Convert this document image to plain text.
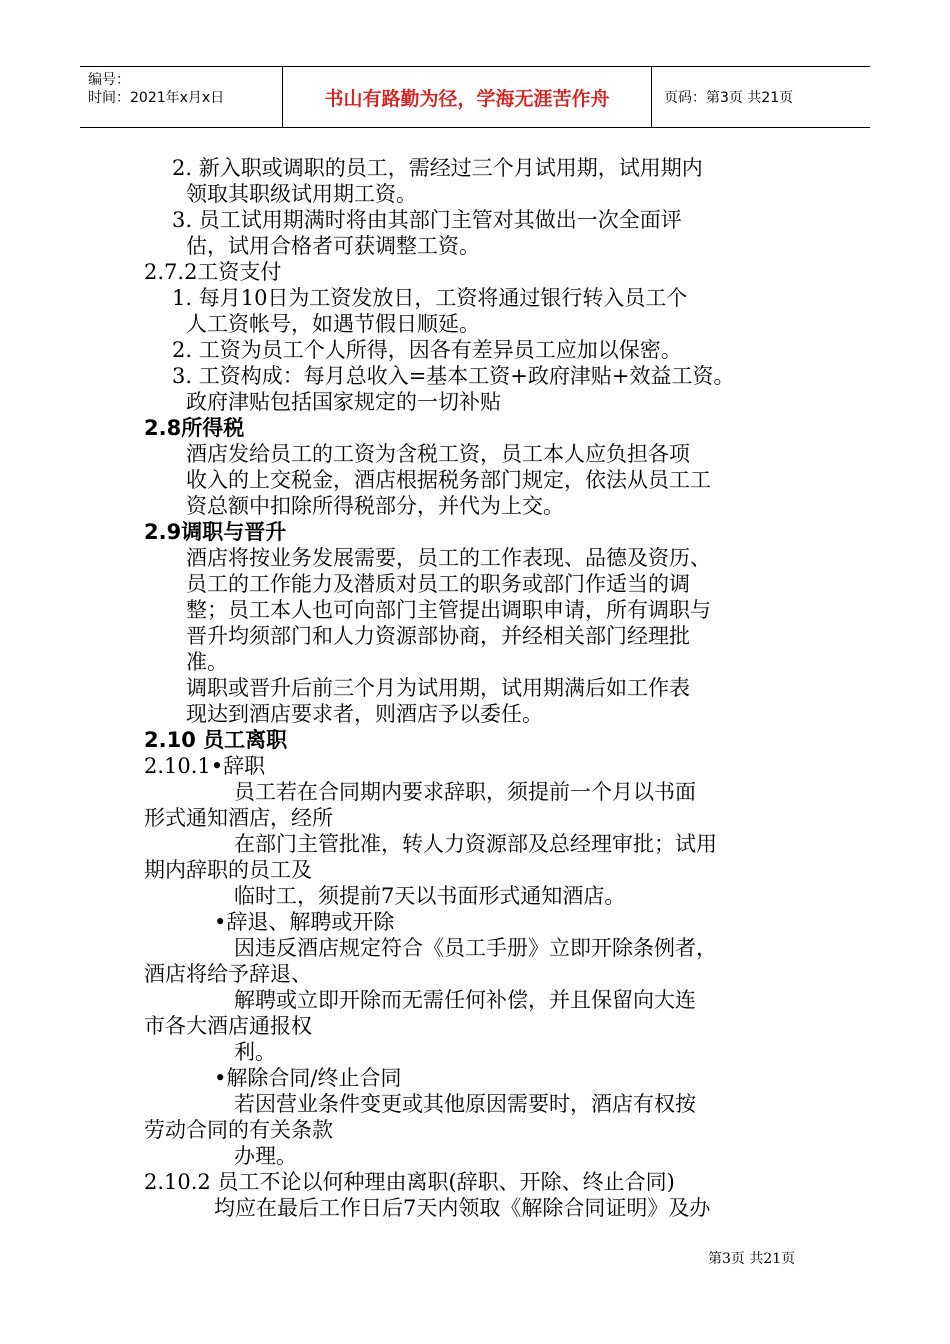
编号：
时间：2021年x月x日	书山有路勤为径，学海无涯苦作舟	页码：第3页 共21页
2. 新入职或调职的员工，需经过三个月试用期，试用期内
领取其职级试用期工资。
3. 员工试用期满时将由其部门主管对其做出一次全面评
估，试用合格者可获调整工资。
2.7.2工资支付
1. 每月10日为工资发放日，工资将通过银行转入员工个
人工资帐号，如遇节假日顺延。
2. 工资为员工个人所得，因各有差异员工应加以保密。
3. 工资构成：每月总收入=基本工资+政府津贴+效益工资。
政府津贴包括国家规定的一切补贴
2.8所得税
酒店发给员工的工资为含税工资，员工本人应负担各项
收入的上交税金，酒店根据税务部门规定，依法从员工工
资总额中扣除所得税部分，并代为上交。
2.9调职与晋升
酒店将按业务发展需要，员工的工作表现、品德及资历、
员工的工作能力及潜质对员工的职务或部门作适当的调
整；员工本人也可向部门主管提出调职申请，所有调职与
晋升均须部门和人力资源部协商，并经相关部门经理批
准。
调职或晋升后前三个月为试用期，试用期满后如工作表
现达到酒店要求者，则酒店予以委任。
2.10 员工离职
2.10.1•辞职
员工若在合同期内要求辞职，须提前一个月以书面
形式通知酒店，经所
在部门主管批准，转人力资源部及总经理审批；试用
期内辞职的员工及
临时工，须提前7天以书面形式通知酒店。
•辞退、解聘或开除
因违反酒店规定符合《员工手册》立即开除条例者，
酒店将给予辞退、
解聘或立即开除而无需任何补偿，并且保留向大连
市各大酒店通报权
利。
•解除合同/终止合同
若因营业条件变更或其他原因需要时，酒店有权按
劳动合同的有关条款
办理。
2.10.2 员工不论以何种理由离职(辞职、开除、终止合同)
均应在最后工作日后7天内领取《解除合同证明》及办
第3页 共21页
